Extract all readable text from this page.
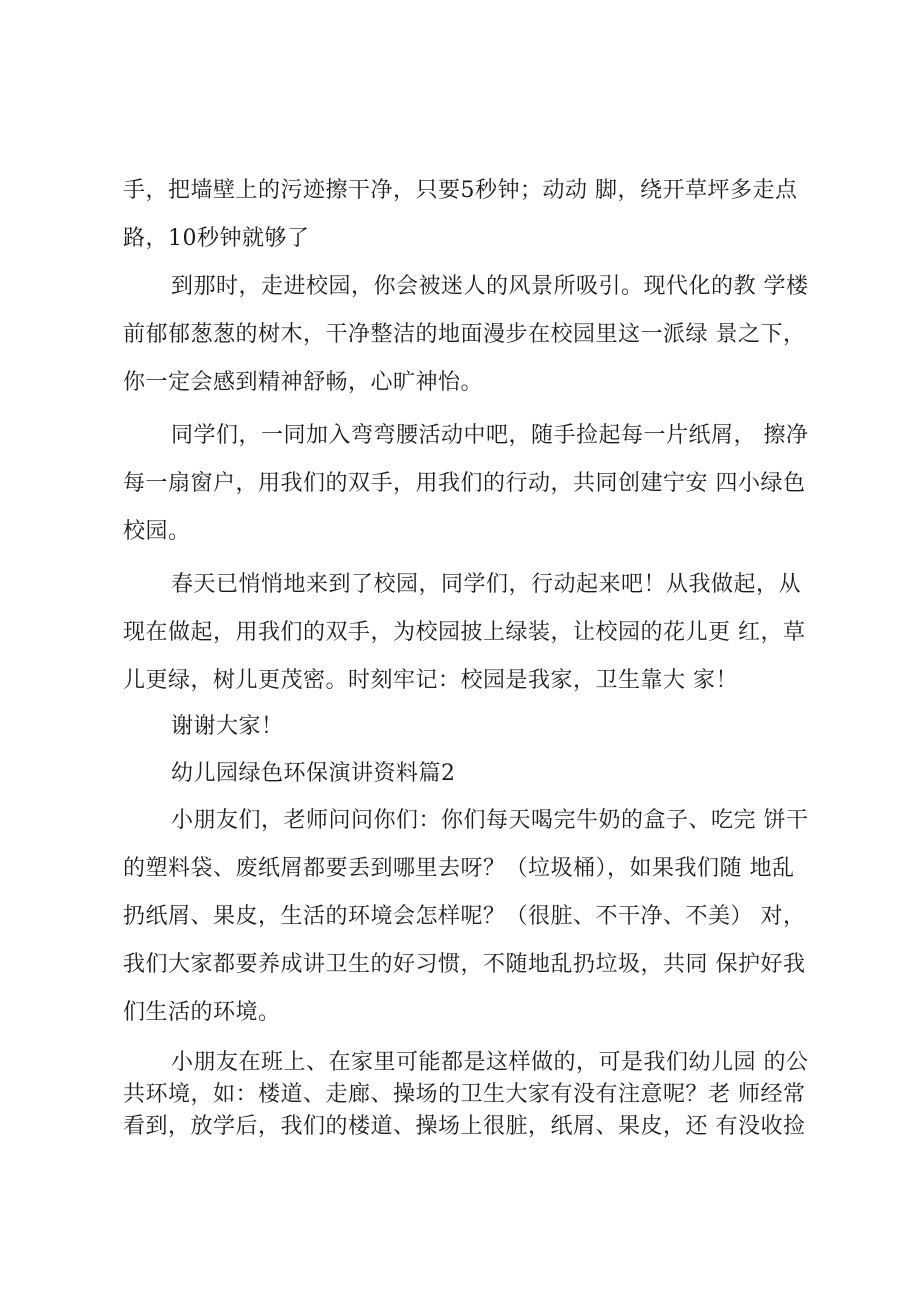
手，把墙壁上的污迹擦干净，只要5秒钟；动动 脚，绕开草坪多走点
路，10秒钟就够了
到那时，走进校园，你会被迷人的风景所吸引。现代化的教 学楼
前郁郁葱葱的树木，干净整洁的地面漫步在校园里这一派绿 景之下，
你一定会感到精神舒畅，心旷神怡。
同学们，一同加入弯弯腰活动中吧，随手捡起每一片纸屑， 擦净
每一扇窗户，用我们的双手，用我们的行动，共同创建宁安 四小绿色
校园。
春天已悄悄地来到了校园，同学们，行动起来吧！从我做起，从
现在做起，用我们的双手，为校园披上绿装，让校园的花儿更 红，草
儿更绿，树儿更茂密。时刻牢记：校园是我家，卫生靠大 家！
谢谢大家！
幼儿园绿色环保演讲资料篇2
小朋友们，老师问问你们：你们每天喝完牛奶的盒子、吃完 饼干
的塑料袋、废纸屑都要丢到哪里去呀？（垃圾桶），如果我们随 地乱
扔纸屑、果皮，生活的环境会怎样呢？（很脏、不干净、不美） 对，
我们大家都要养成讲卫生的好习惯，不随地乱扔垃圾，共同 保护好我
们生活的环境。
小朋友在班上、在家里可能都是这样做的，可是我们幼儿园 的公
共环境，如：楼道、走廊、操场的卫生大家有没有注意呢？老 师经常
看到，放学后，我们的楼道、操场上很脏，纸屑、果皮，还 有没收捡
